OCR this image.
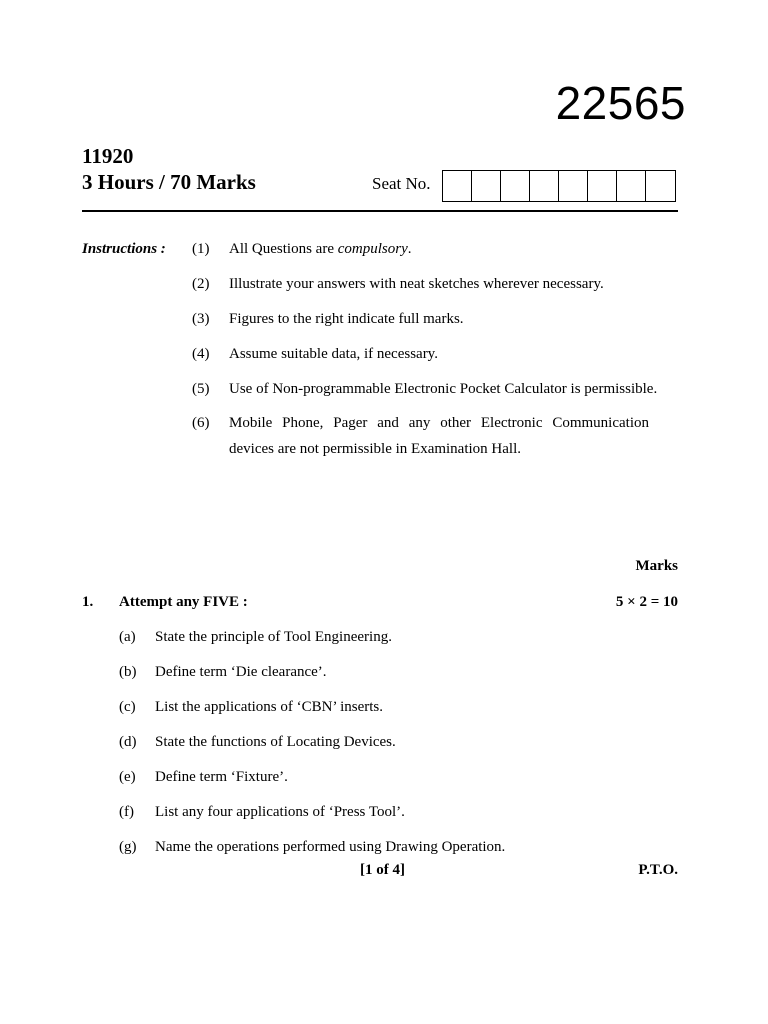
22565
11920
3 Hours / 70 Marks	Seat No.
Instructions : (1) All Questions are compulsory.
(2) Illustrate your answers with neat sketches wherever necessary.
(3) Figures to the right indicate full marks.
(4) Assume suitable data, if necessary.
(5) Use of Non-programmable Electronic Pocket Calculator is permissible.
(6) Mobile Phone, Pager and any other Electronic Communication devices are not permissible in Examination Hall.
Marks
1. Attempt any FIVE :	5 × 2 = 10
(a) State the principle of Tool Engineering.
(b) Define term ‘Die clearance’.
(c) List the applications of ‘CBN’ inserts.
(d) State the functions of Locating Devices.
(e) Define term ‘Fixture’.
(f) List any four applications of ‘Press Tool’.
(g) Name the operations performed using Drawing Operation.
[1 of 4]	P.T.O.
